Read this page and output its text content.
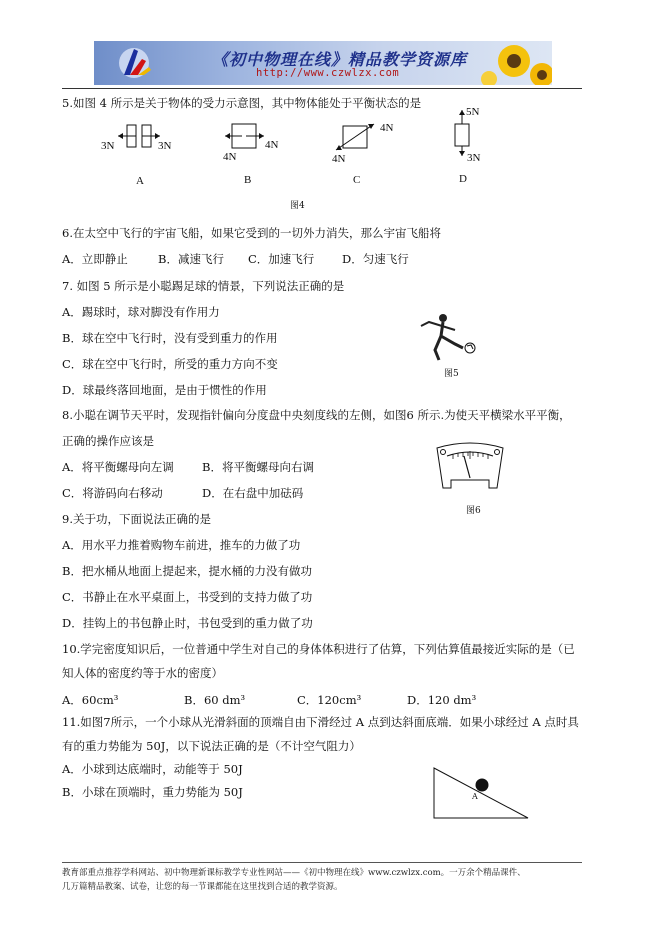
《初中物理在线》精品教学资源库
http://www.czwlzx.com
5.如图 4 所示是关于物体的受力示意图，其中物体能处于平衡状态的是
3N	3N
4N
4N
4N
4N
5N
3N
A	B	C	D
图4
6.在太空中飞行的宇宙飞船，如果它受到的一切外力消失，那么宇宙飞船将
A．立即静止	B．减速飞行 C．加速飞行 D．匀速飞行
7. 如图 5 所示是小聪踢足球的情景，下列说法正确的是
A．踢球时，球对脚没有作用力
B．球在空中飞行时，没有受到重力的作用
C．球在空中飞行时，所受的重力方向不变
D．球最终落回地面，是由于惯性的作用
图5
8.小聪在调节天平时，发现指针偏向分度盘中央刻度线的左侧，如图6 所示.为使天平横梁水平平衡，
正确的操作应该是
A．将平衡螺母向左调 B．将平衡螺母向右调
C．将游码向右移动	D．在右盘中加砝码
图6
9.关于功，下面说法正确的是
A．用水平力推着购物车前进，推车的力做了功
B．把水桶从地面上提起来，提水桶的力没有做功
C．书静止在水平桌面上，书受到的支持力做了功
D．挂钩上的书包静止时，书包受到的重力做了功
10.学完密度知识后，一位普通中学生对自己的身体体积进行了估算，下列估算值最接近实际的是（已
知人体的密度约等于水的密度）
A．60cm³	B．60 dm³	C．120cm³	D．120 dm³
11.如图7所示，一个小球从光滑斜面的顶端自由下滑经过 A 点到达斜面底端．如果小球经过 A 点时具
有的重力势能为 50J，以下说法正确的是（不计空气阻力）
A．小球到达底端时，动能等于 50J
B．小球在顶端时，重力势能为 50J	A
教育部重点推荐学科网站、初中物理新课标教学专业性网站——《初中物理在线》www.czwlzx.com。一万余个精品课件、
几万篇精品教案、试卷，让您的每一节课都能在这里找到合适的教学资源。
